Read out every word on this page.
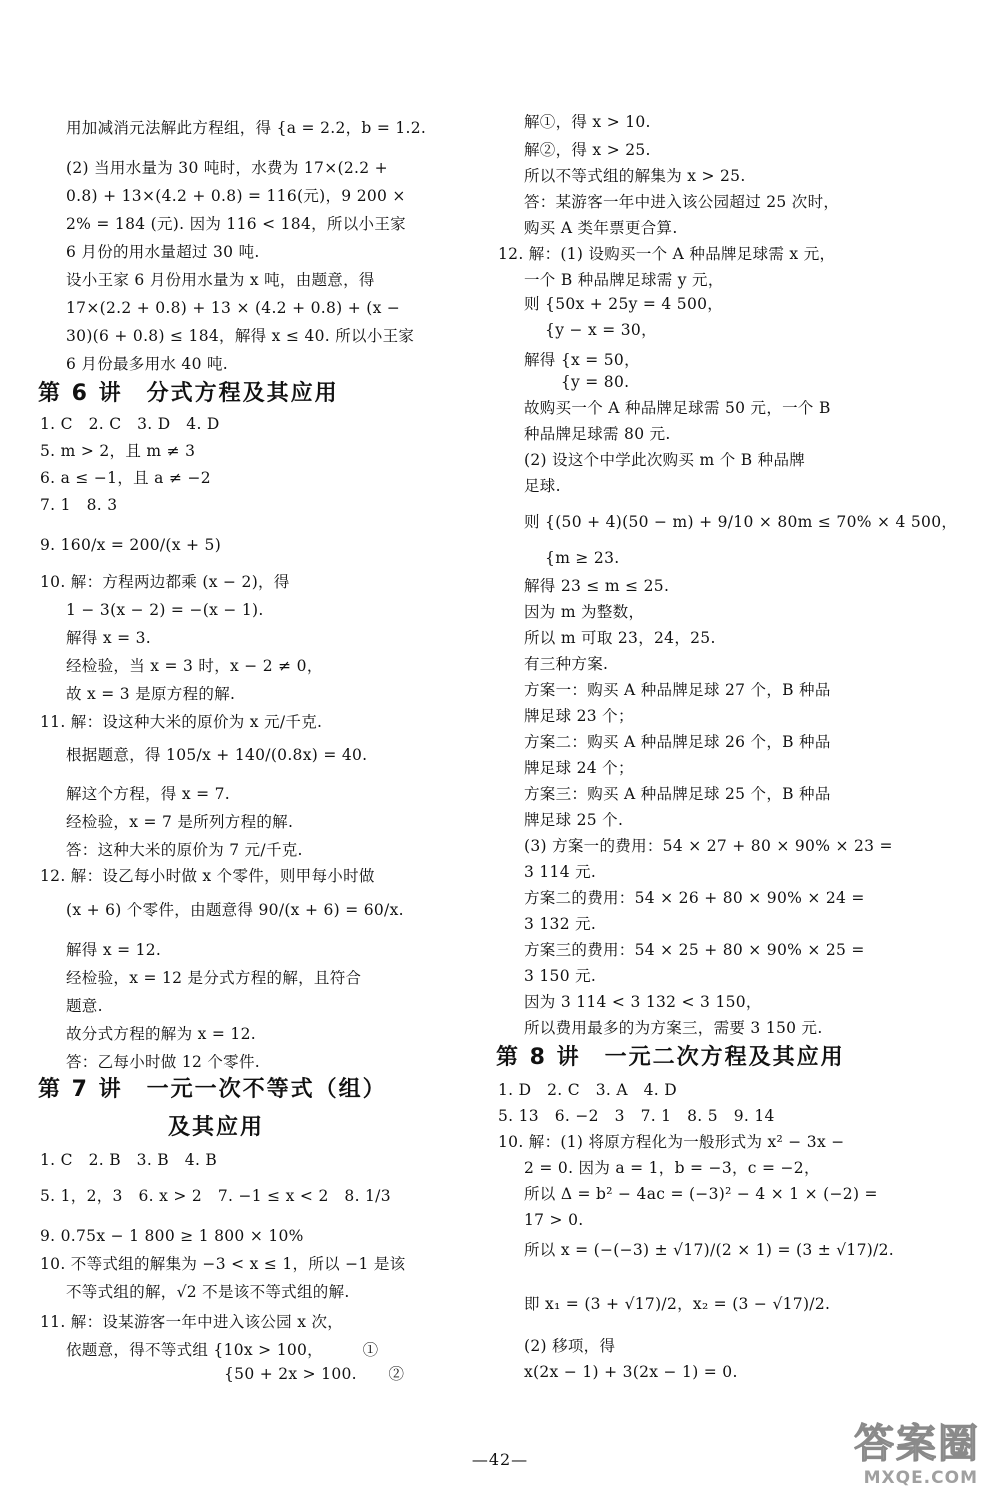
用加减消元法解此方程组，得 {a = 2.2，b = 1.2.
(2) 当用水量为 30 吨时，水费为 17×(2.2 +
0.8) + 13×(4.2 + 0.8) = 116(元)，9 200 ×
2% = 184 (元). 因为 116 < 184，所以小王家
6 月份的用水量超过 30 吨.
设小王家 6 月份用水量为 x 吨，由题意，得
17×(2.2 + 0.8) + 13 × (4.2 + 0.8) + (x −
30)(6 + 0.8) ≤ 184，解得 x ≤ 40. 所以小王家
6 月份最多用水 40 吨.
第 6 讲　分式方程及其应用
1. C　2. C　3. D　4. D
5. m > 2，且 m ≠ 3
6. a ≤ −1，且 a ≠ −2
7. 1　8. 3
9. 160/x = 200/(x + 5)
10. 解：方程两边都乘 (x − 2)，得
1 − 3(x − 2) = −(x − 1).
解得 x = 3.
经检验，当 x = 3 时，x − 2 ≠ 0，
故 x = 3 是原方程的解.
11. 解：设这种大米的原价为 x 元/千克.
根据题意，得 105/x + 140/(0.8x) = 40.
解这个方程，得 x = 7.
经检验，x = 7 是所列方程的解.
答：这种大米的原价为 7 元/千克.
12. 解：设乙每小时做 x 个零件，则甲每小时做
(x + 6) 个零件，由题意得 90/(x + 6) = 60/x.
解得 x = 12.
经检验，x = 12 是分式方程的解，且符合
题意.
故分式方程的解为 x = 12.
答：乙每小时做 12 个零件.
第 7 讲　一元一次不等式（组）
及其应用
1. C　2. B　3. B　4. B
5. 1，2，3　6. x > 2　7. −1 ≤ x < 2　8. 1/3
9. 0.75x − 1 800 ≥ 1 800 × 10%
10. 不等式组的解集为 −3 < x ≤ 1，所以 −1 是该
不等式组的解，√2 不是该不等式组的解.
11. 解：设某游客一年中进入该公园 x 次，
依题意，得不等式组 {10x > 100，　　　①
　　　　　　　　　　{50 + 2x > 100.　　②
解①，得 x > 10.
解②，得 x > 25.
所以不等式组的解集为 x > 25.
答：某游客一年中进入该公园超过 25 次时，
购买 A 类年票更合算.
12. 解：(1) 设购买一个 A 种品牌足球需 x 元，
一个 B 种品牌足球需 y 元，
则 {50x + 25y = 4 500，
　 {y − x = 30，
解得 {x = 50，
　　 {y = 80.
故购买一个 A 种品牌足球需 50 元，一个 B
种品牌足球需 80 元.
(2) 设这个中学此次购买 m 个 B 种品牌
足球.
则 {(50 + 4)(50 − m) + 9/10 × 80m ≤ 70% × 4 500，
　 {m ≥ 23.
解得 23 ≤ m ≤ 25.
因为 m 为整数，
所以 m 可取 23，24，25.
有三种方案.
方案一：购买 A 种品牌足球 27 个，B 种品
牌足球 23 个；
方案二：购买 A 种品牌足球 26 个，B 种品
牌足球 24 个；
方案三：购买 A 种品牌足球 25 个，B 种品
牌足球 25 个.
(3) 方案一的费用：54 × 27 + 80 × 90% × 23 =
3 114 元.
方案二的费用：54 × 26 + 80 × 90% × 24 =
3 132 元.
方案三的费用：54 × 25 + 80 × 90% × 25 =
3 150 元.
因为 3 114 < 3 132 < 3 150，
所以费用最多的为方案三，需要 3 150 元.
第 8 讲　一元二次方程及其应用
1. D　2. C　3. A　4. D
5. 13　6. −2　3　7. 1　8. 5　9. 14
10. 解：(1) 将原方程化为一般形式为 x² − 3x −
2 = 0. 因为 a = 1，b = −3，c = −2，
所以 Δ = b² − 4ac = (−3)² − 4 × 1 × (−2) =
17 > 0.
所以 x = (−(−3) ± √17)/(2 × 1) = (3 ± √17)/2.
即 x₁ = (3 + √17)/2，x₂ = (3 − √17)/2.
(2) 移项，得
x(2x − 1) + 3(2x − 1) = 0.
—42—	答案圈
MXQE.COM
